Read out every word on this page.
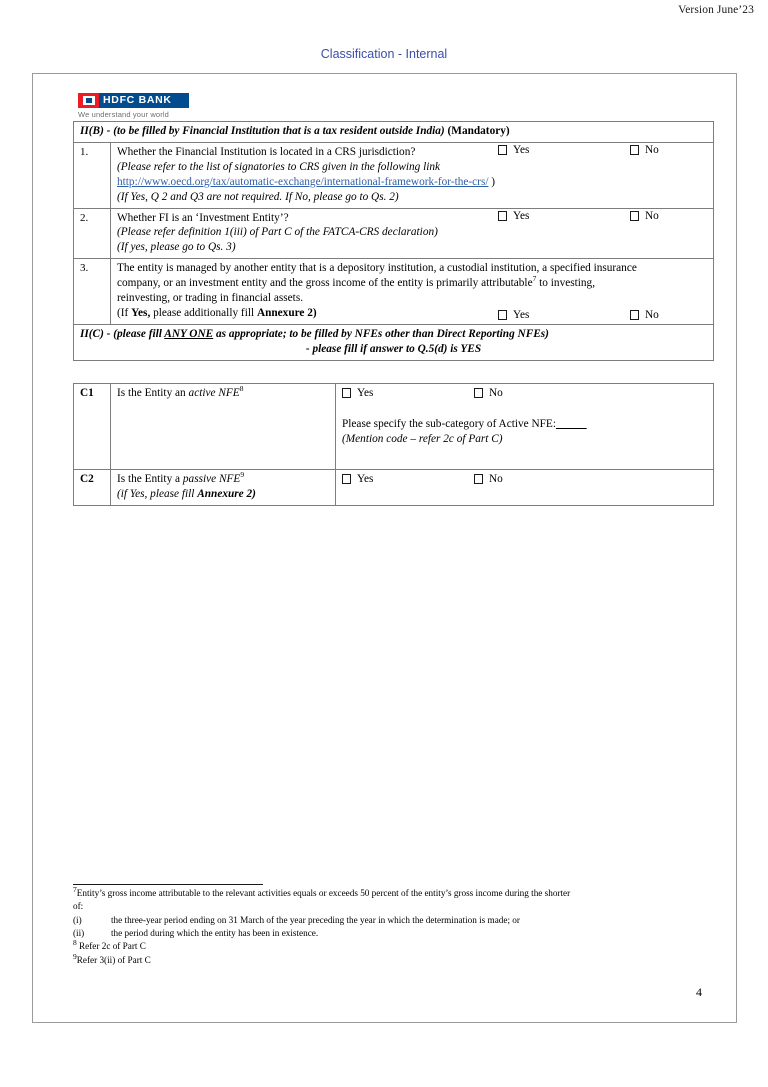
Version June’23
Classification - Internal
HDFC BANK
We understand your world
II(B) - (to be filled by Financial Institution that is a tax resident outside India) (Mandatory)	
1.	Whether the Financial Institution is located in a CRS jurisdiction?

(Please refer to the list of signatories to CRS given in the following link

http://www.oecd.org/tax/automatic-exchange/international-framework-for-the-crs/ )

(If Yes, Q 2 and Q3 are not required. If No, please go to Qs. 2)

Yes	No

2.	Whether FI is an ‘Investment Entity’?

(Please refer definition 1(iii) of Part C of the FATCA-CRS declaration)

(If yes, please go to Qs. 3)

Yes No

3.	The entity is managed by another entity that is a depository institution, a custodial institution, a specified insurance

company, or an investment entity and the gross income of the entity is primarily attributable$^7$ to investing,

reinvesting, or trading in financial assets.

(If Yes, please additionally fill Annexure 2)	Yes	No

II(C) - (please fill ANY ONE as appropriate; to be filled by NFEs other than Direct Reporting NFEs)
- please fill if answer to Q.5(d) is YES	
C1	Is the Entity an active NFE$^8$	Yes No
Please specify the sub-category of Active NFE:_____
(Mention code – refer 2c of Part C)

C2	Is the Entity a passive NFE$^9$
(if Yes, please fill Annexure 2)

Yes	No

$^7$Entity’s gross income attributable to the relevant activities equals or exceeds 50 percent of the entity’s gross income during the shorter

of:

(i)	the three-year period ending on 31 March of the year preceding the year in which the determination is made; or

(ii)	the period during which the entity has been in existence.

$^8$ Refer 2c of Part C

$^9$Refer 3(ii) of Part C

4
